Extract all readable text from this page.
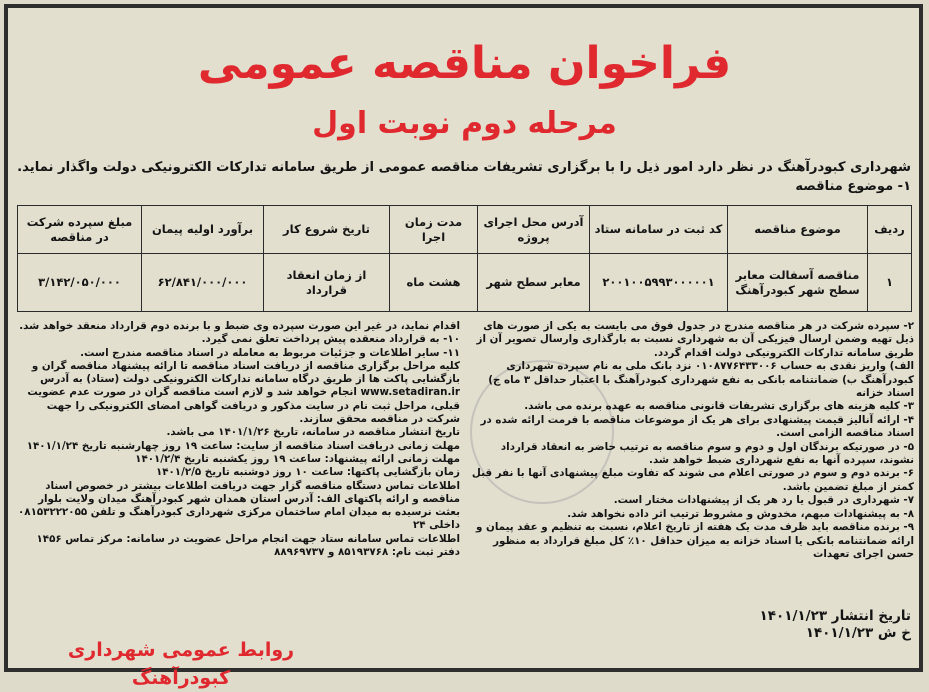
فراخوان مناقصه عمومی
مرحله دوم نوبت اول
شهرداری کبودرآهنگ در نظر دارد امور ذیل را با برگزاری تشریفات مناقصه عمومی از طریق سامانه تدارکات الکترونیکی دولت واگذار نماید.
۱- موضوع مناقصه
ردیف	موضوع مناقصه	کد ثبت در سامانه ستاد	آدرس محل اجرای پروژه	مدت زمان اجرا	تاریخ شروع کار	برآورد اولیه پیمان	مبلغ سپرده شرکت در مناقصه
۱	مناقصه آسفالت معابر سطح شهر کبودرآهنگ	۲۰۰۱۰۰۵۹۹۳۰۰۰۰۰۱	معابر سطح شهر	هشت ماه	از زمان انعقاد قرارداد	۶۲/۸۴۱/۰۰۰/۰۰۰	۳/۱۴۲/۰۵۰/۰۰۰

۲- سپرده شرکت در هر مناقصه مندرج در جدول فوق می بایست به یکی از صورت های ذیل تهیه وضمن ارسال فیزیکی آن به شهرداری نسبت به بارگذاری وارسال تصویر آن از طریق سامانه تدارکات الکترونیکی دولت اقدام گردد.

الف) واریز نقدی به حساب ۰۱۰۸۷۷۶۴۳۳۰۰۶ نزد بانک ملی به نام سپرده شهرداری کبودرآهنگ ب) ضمانتنامه بانکی به نفع شهرداری کبودرآهنگ با اعتبار حداقل ۳ ماه ج) اسناد خزانه

۳- کلیه هزینه های برگزاری تشریفات قانونی مناقصه به عهده برنده می باشد.

۴- ارائه آنالیز قیمت پیشنهادی برای هر یک از موضوعات مناقصه با فرمت ارائه شده در اسناد مناقصه الزامی است.

۵- در صورتیکه برندگان اول و دوم و سوم مناقصه به ترتیب حاضر به انعقاد قرارداد نشوند، سپرده آنها به نفع شهرداری ضبط خواهد شد.

۶- برنده دوم و سوم در صورتی اعلام می شوند که تفاوت مبلغ پیشنهادی آنها با نفر قبل کمتر از مبلغ تضمین باشد.

۷- شهرداری در قبول یا رد هر یک از پیشنهادات مختار است.

۸- به پیشنهادات مبهم، مخدوش و مشروط ترتیب اثر داده نخواهد شد.

۹- برنده مناقصه باید ظرف مدت یک هفته از تاریخ اعلام، نسبت به تنظیم و عقد پیمان و ارائه ضمانتنامه بانکی یا اسناد خزانه به میزان حداقل ۱۰٪ کل مبلغ قرارداد به منظور حسن اجرای تعهدات

اقدام نماید، در غیر این صورت سپرده وی ضبط و با برنده دوم قرارداد منعقد خواهد شد.

۱۰- به قرارداد منعقده پیش پرداخت تعلق نمی گیرد.

۱۱- سایر اطلاعات و جزئیات مربوط به معامله در اسناد مناقصه مندرج است.

کلیه مراحل برگزاری مناقصه از دریافت اسناد مناقصه تا ارائه پیشنهاد مناقصه گران و بازگشایی پاکت ها از طریق درگاه سامانه تدارکات الکترونیکی دولت (ستاد) به آدرس www.setadiran.ir انجام خواهد شد و لازم است مناقصه گران در صورت عدم عضویت قبلی، مراحل ثبت نام در سایت مذکور و دریافت گواهی امضای الکترونیکی را جهت شرکت در مناقصه محقق سازند.

تاریخ انتشار مناقصه در سامانه، تاریخ ۱۴۰۱/۱/۲۶ می باشد.

مهلت زمانی دریافت اسناد مناقصه از سایت: ساعت ۱۹ روز چهارشنبه تاریخ ۱۴۰۱/۱/۲۴

مهلت زمانی ارائه پیشنهاد: ساعت ۱۹ روز یکشنبه تاریخ ۱۴۰۱/۲/۴

زمان بازگشایی پاکتها: ساعت ۱۰ روز دوشنبه تاریخ ۱۴۰۱/۲/۵

اطلاعات تماس دستگاه مناقصه گزار جهت دریافت اطلاعات بیشتر در خصوص اسناد مناقصه و ارائه پاکتهای الف: آدرس استان همدان شهر کبودرآهنگ میدان ولایت بلوار بعثت نرسیده به میدان امام ساختمان مرکزی شهرداری کبودرآهنگ و تلفن ۰۸۱۵۳۲۲۲۰۵۵ داخلی ۲۴

اطلاعات تماس سامانه ستاد جهت انجام مراحل عضویت در سامانه: مرکز تماس ۱۴۵۶

دفتر ثبت نام: ۸۵۱۹۳۷۶۸ و ۸۸۹۶۹۷۳۷

تاریخ انتشار ۱۴۰۱/۱/۲۳
خ ش ۱۴۰۱/۱/۲۳
روابط عمومی شهرداری کبودرآهنگ
